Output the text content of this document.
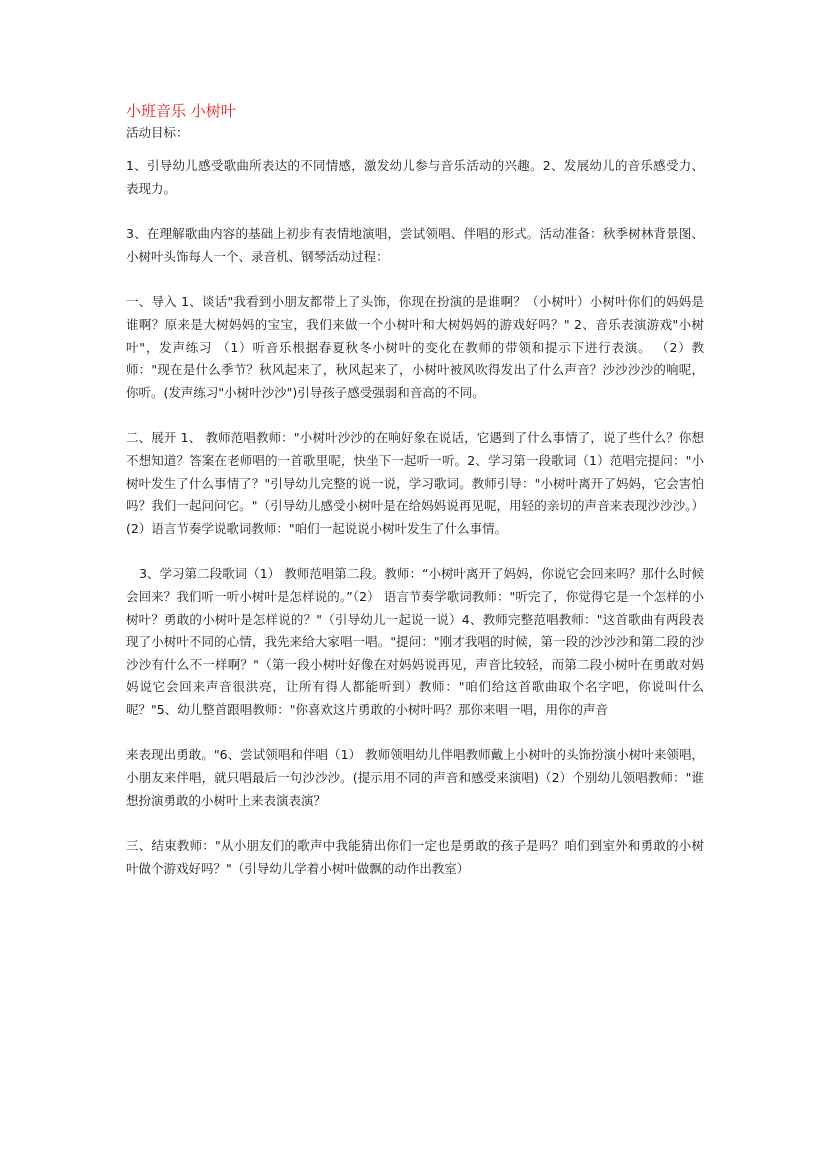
小班音乐 小树叶

活动目标：

1、引导幼儿感受歌曲所表达的不同情感，激发幼儿参与音乐活动的兴趣。2、发展幼儿的音乐感受力、表现力。

3、在理解歌曲内容的基础上初步有表情地演唱，尝试领唱、伴唱的形式。活动准备：秋季树林背景图、小树叶头饰每人一个、录音机、钢琴活动过程：

一、导入 1、谈话"我看到小朋友都带上了头饰，你现在扮演的是谁啊？（小树叶）小树叶你们的妈妈是谁啊？原来是大树妈妈的宝宝，我们来做一个小树叶和大树妈妈的游戏好吗？" 2、音乐表演游戏"小树叶"，发声练习 （1）听音乐根据春夏秋冬小树叶的变化在教师的带领和提示下进行表演。 （2）教师："现在是什么季节？秋风起来了，秋风起来了，小树叶被风吹得发出了什么声音？沙沙沙沙的响呢，你听。(发声练习"小树叶沙沙")引导孩子感受强弱和音高的不同。

二、展开 1、 教师范唱教师："小树叶沙沙的在响好象在说话，它遇到了什么事情了，说了些什么？你想不想知道？答案在老师唱的一首歌里呢，快坐下一起听一听。2、学习第一段歌词（1）范唱完提问："小树叶发生了什么事情了？"引导幼儿完整的说一说，学习歌词。教师引导："小树叶离开了妈妈，它会害怕吗？我们一起问问它。"（引导幼儿感受小树叶是在给妈妈说再见呢，用轻的亲切的声音来表现沙沙沙。）(2）语言节奏学说歌词教师："咱们一起说说小树叶发生了什么事情。

3、学习第二段歌词（1） 教师范唱第二段。教师：“小树叶离开了妈妈，你说它会回来吗？那什么时候会回来？我们听一听小树叶是怎样说的。”（2） 语言节奏学歌词教师："听完了，你觉得它是一个怎样的小树叶？勇敢的小树叶是怎样说的？"（引导幼儿一起说一说）4、教师完整范唱教师："这首歌曲有两段表现了小树叶不同的心情，我先来给大家唱一唱。"提问："刚才我唱的时候，第一段的沙沙沙和第二段的沙沙沙有什么不一样啊？"（第一段小树叶好像在对妈妈说再见，声音比较轻，而第二段小树叶在勇敢对妈妈说它会回来声音很洪亮，让所有得人都能听到）教师："咱们给这首歌曲取个名字吧，你说叫什么呢？"5、幼儿整首跟唱教师："你喜欢这片勇敢的小树叶吗？那你来唱一唱，用你的声音

来表现出勇敢。"6、尝试领唱和伴唱（1） 教师领唱幼儿伴唱教师戴上小树叶的头饰扮演小树叶来领唱，小朋友来伴唱，就只唱最后一句沙沙沙。(提示用不同的声音和感受来演唱)（2）个别幼儿领唱教师："谁想扮演勇敢的小树叶上来表演表演？

三、结束教师："从小朋友们的歌声中我能猜出你们一定也是勇敢的孩子是吗？咱们到室外和勇敢的小树叶做个游戏好吗？"（引导幼儿学着小树叶做飘的动作出教室）
